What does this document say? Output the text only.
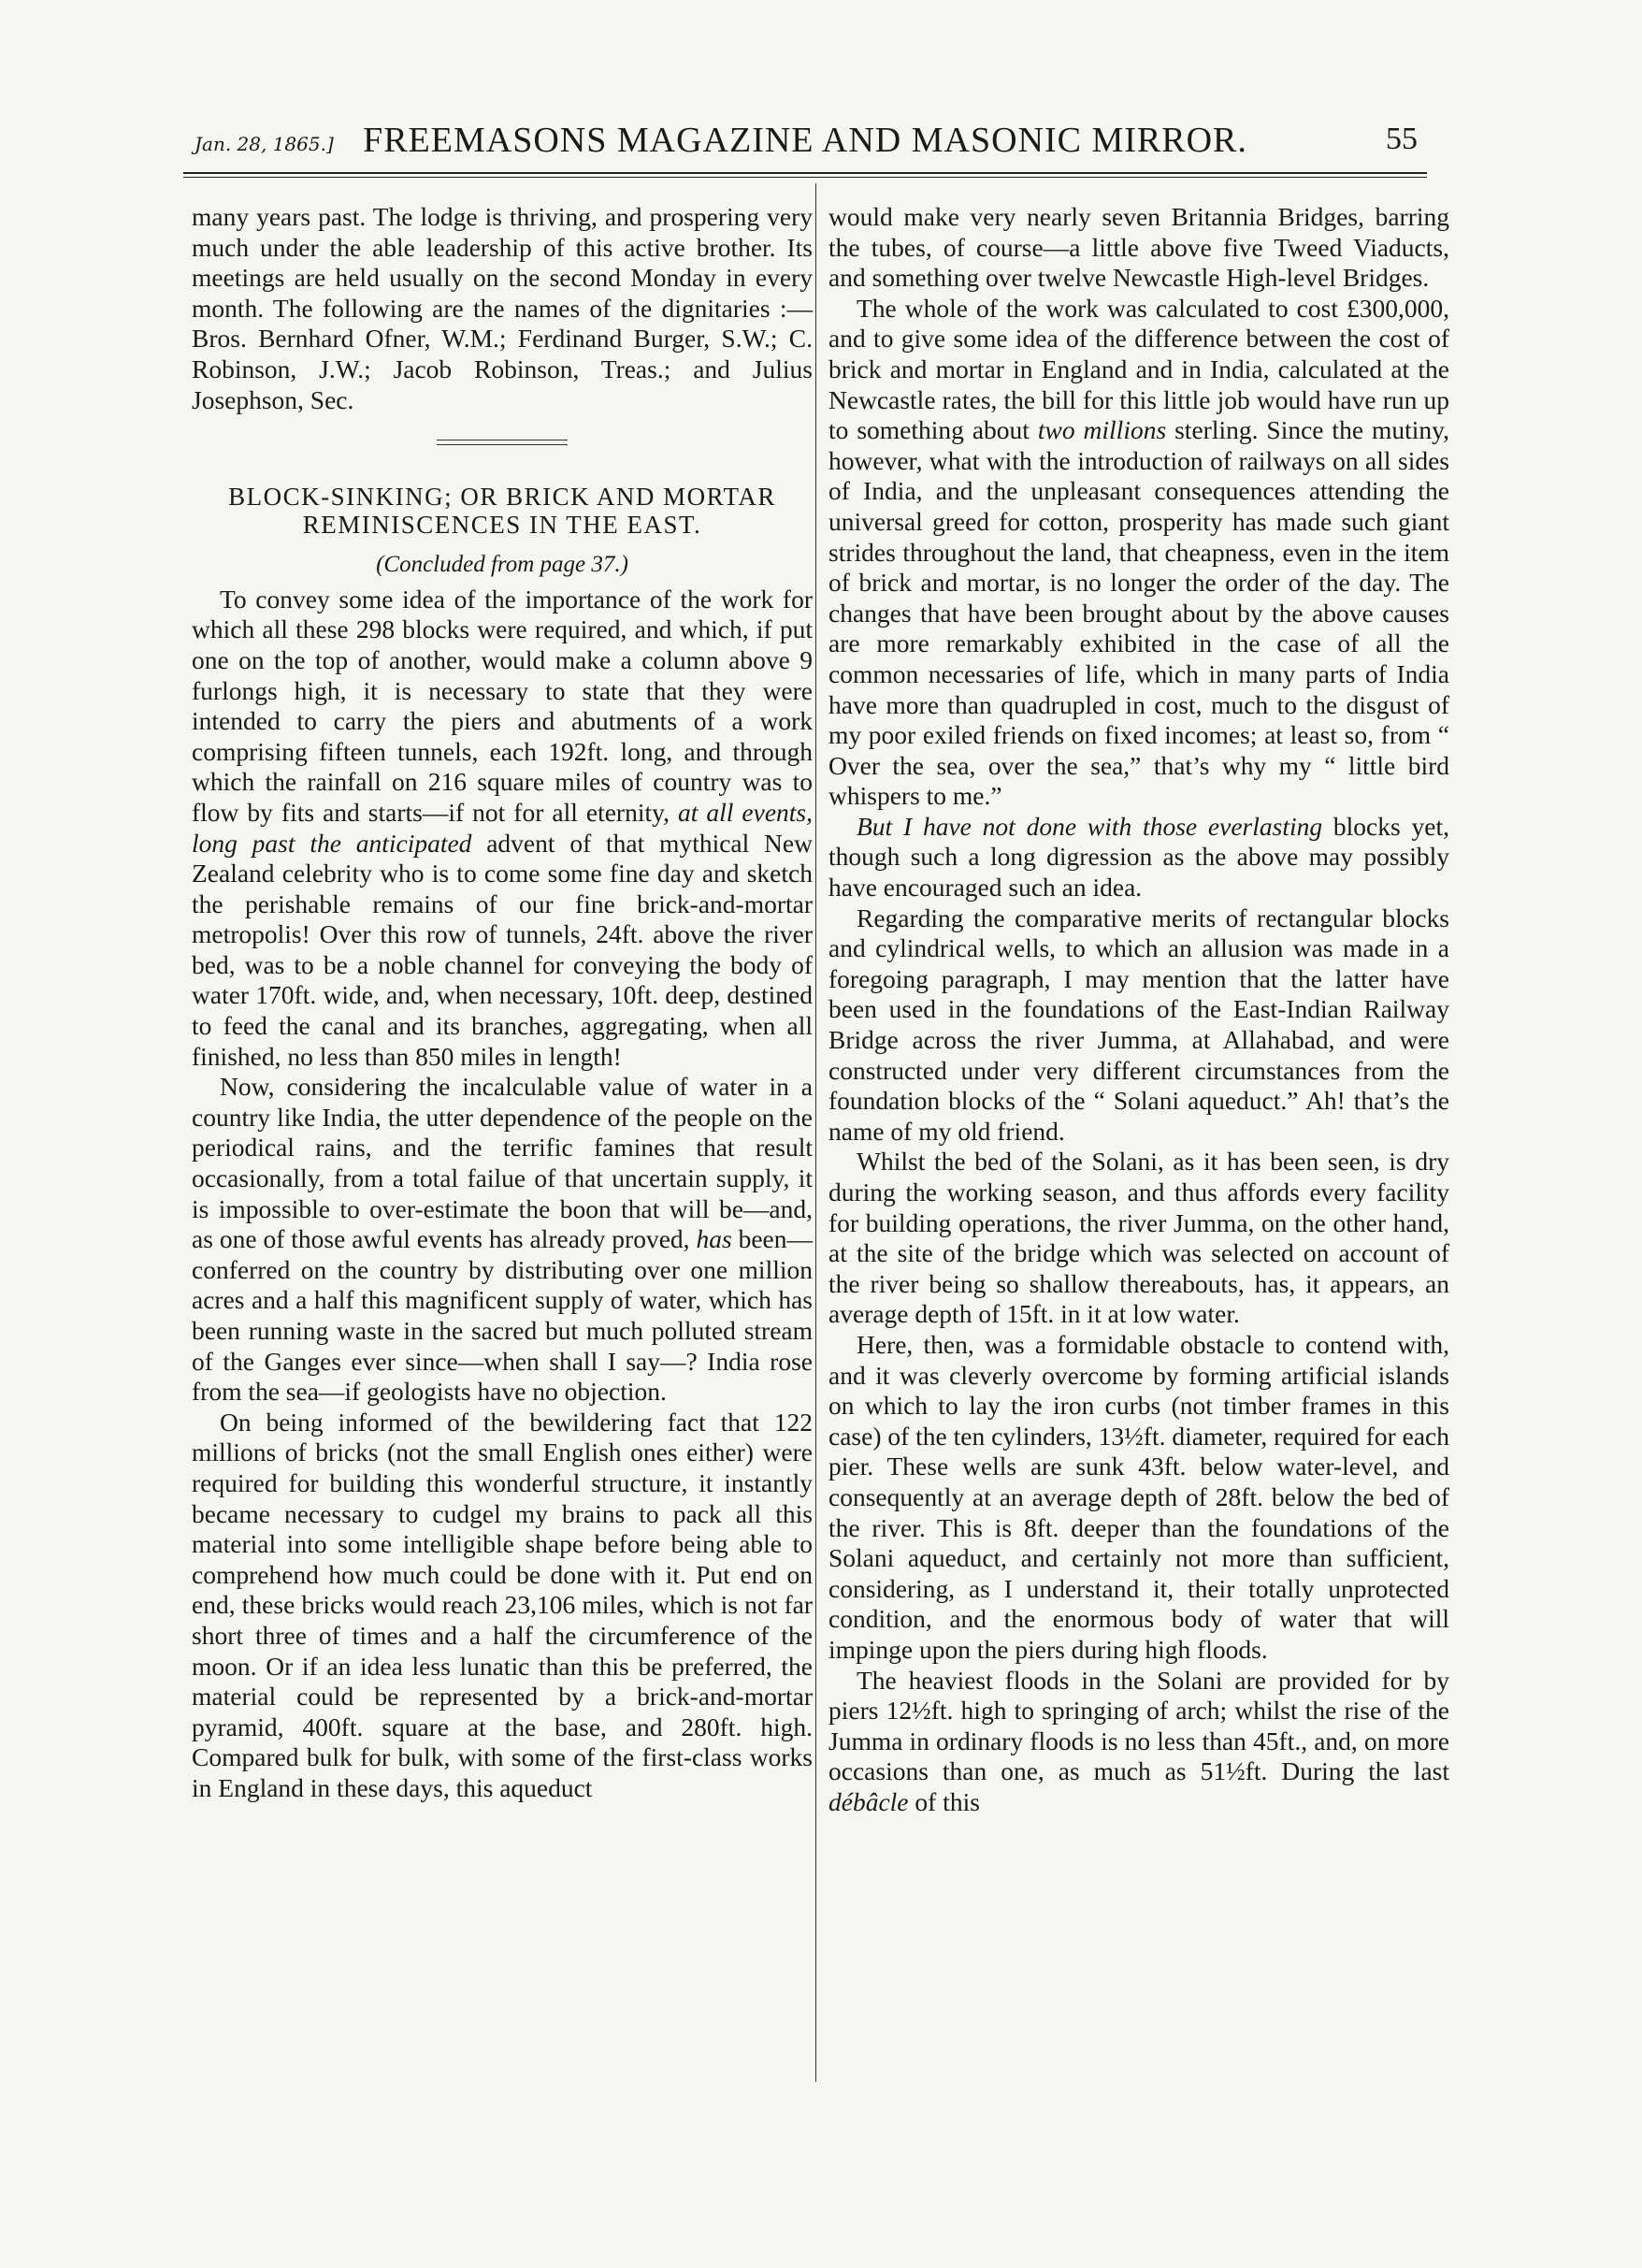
Jan. 28, 1865.] FREEMASONS MAGAZINE AND MASONIC MIRROR.	55

many years past. The lodge is thriving, and prospering very much under the able leadership of this active brother. Its meetings are held usually on the second Monday in every month. The following are the names of the dignitaries :—Bros. Bernhard Ofner, W.M.; Ferdinand Burger, S.W.; C. Robinson, J.W.; Jacob Robinson, Treas.; and Julius Josephson, Sec.

BLOCK-SINKING; OR BRICK AND MORTAR
REMINISCENCES IN THE EAST.
(Concluded from page 37.)

To convey some idea of the importance of the work for which all these 298 blocks were required, and which, if put one on the top of another, would make a column above 9 furlongs high, it is necessary to state that they were intended to carry the piers and abutments of a work comprising fifteen tunnels, each 192ft. long, and through which the rainfall on 216 square miles of country was to flow by fits and starts—if not for all eternity, at all events, long past the anticipated advent of that mythical New Zealand celebrity who is to come some fine day and sketch the perishable remains of our fine brick-and-mortar metropolis! Over this row of tunnels, 24ft. above the river bed, was to be a noble channel for conveying the body of water 170ft. wide, and, when necessary, 10ft. deep, destined to feed the canal and its branches, aggregating, when all finished, no less than 850 miles in length!

Now, considering the incalculable value of water in a country like India, the utter dependence of the people on the periodical rains, and the terrific famines that result occasionally, from a total failue of that uncertain supply, it is impossible to over-estimate the boon that will be—and, as one of those awful events has already proved, has been—conferred on the country by distributing over one million acres and a half this magnificent supply of water, which has been running waste in the sacred but much polluted stream of the Ganges ever since—when shall I say—? India rose from the sea—if geologists have no objection.

On being informed of the bewildering fact that 122 millions of bricks (not the small English ones either) were required for building this wonderful structure, it instantly became necessary to cudgel my brains to pack all this material into some intelligible shape before being able to comprehend how much could be done with it. Put end on end, these bricks would reach 23,106 miles, which is not far short three of times and a half the circumference of the moon. Or if an idea less lunatic than this be preferred, the material could be represented by a brick-and-mortar pyramid, 400ft. square at the base, and 280ft. high. Compared bulk for bulk, with some of the first-class works in England in these days, this aqueduct

would make very nearly seven Britannia Bridges, barring the tubes, of course—a little above five Tweed Viaducts, and something over twelve Newcastle High-level Bridges.

The whole of the work was calculated to cost £300,000, and to give some idea of the difference between the cost of brick and mortar in England and in India, calculated at the Newcastle rates, the bill for this little job would have run up to something about two millions sterling. Since the mutiny, however, what with the introduction of railways on all sides of India, and the unpleasant consequences attending the universal greed for cotton, prosperity has made such giant strides throughout the land, that cheapness, even in the item of brick and mortar, is no longer the order of the day. The changes that have been brought about by the above causes are more remarkably exhibited in the case of all the common necessaries of life, which in many parts of India have more than quadrupled in cost, much to the disgust of my poor exiled friends on fixed incomes; at least so, from “ Over the sea, over the sea,” that’s why my “ little bird whispers to me.”

But I have not done with those everlasting blocks yet, though such a long digression as the above may possibly have encouraged such an idea.

Regarding the comparative merits of rectangular blocks and cylindrical wells, to which an allusion was made in a foregoing paragraph, I may mention that the latter have been used in the foundations of the East-Indian Railway Bridge across the river Jumma, at Allahabad, and were constructed under very different circumstances from the foundation blocks of the “ Solani aqueduct.” Ah! that’s the name of my old friend.

Whilst the bed of the Solani, as it has been seen, is dry during the working season, and thus affords every facility for building operations, the river Jumma, on the other hand, at the site of the bridge which was selected on account of the river being so shallow thereabouts, has, it appears, an average depth of 15ft. in it at low water.

Here, then, was a formidable obstacle to contend with, and it was cleverly overcome by forming artificial islands on which to lay the iron curbs (not timber frames in this case) of the ten cylinders, 13½ft. diameter, required for each pier. These wells are sunk 43ft. below water-level, and consequently at an average depth of 28ft. below the bed of the river. This is 8ft. deeper than the foundations of the Solani aqueduct, and certainly not more than sufficient, considering, as I understand it, their totally unprotected condition, and the enormous body of water that will impinge upon the piers during high floods.

The heaviest floods in the Solani are provided for by piers 12½ft. high to springing of arch; whilst the rise of the Jumma in ordinary floods is no less than 45ft., and, on more occasions than one, as much as 51½ft. During the last débâcle of this
